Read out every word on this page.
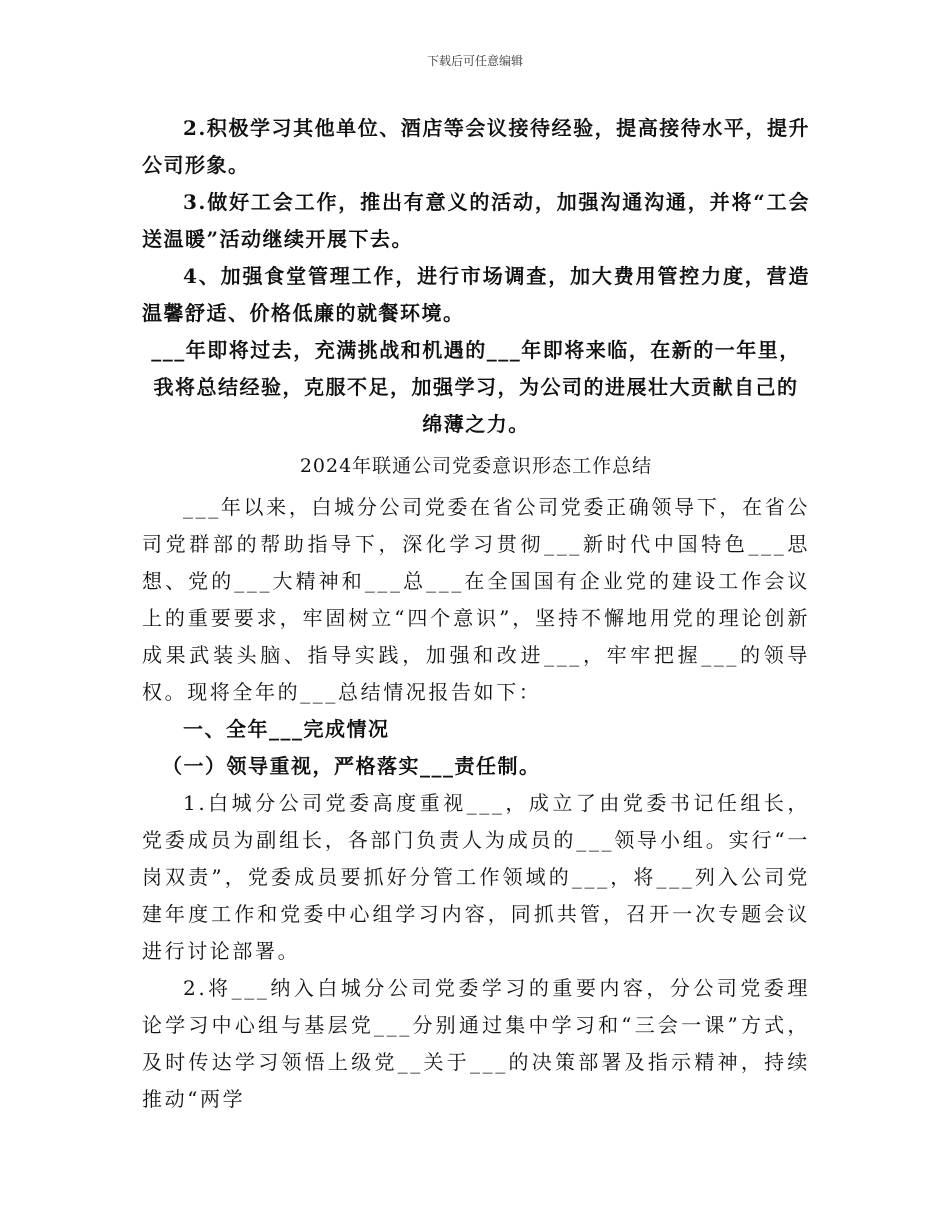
下载后可任意编辑

2.积极学习其他单位、酒店等会议接待经验，提高接待水平，提升公司形象。

3.做好工会工作，推出有意义的活动，加强沟通沟通，并将“工会送温暖”活动继续开展下去。

4、加强食堂管理工作，进行市场调查，加大费用管控力度，营造温馨舒适、价格低廉的就餐环境。

___年即将过去，充满挑战和机遇的___年即将来临，在新的一年里，我将总结经验，克服不足，加强学习，为公司的进展壮大贡献自己的绵薄之力。

2024年联通公司党委意识形态工作总结

___年以来，白城分公司党委在省公司党委正确领导下，在省公司党群部的帮助指导下，深化学习贯彻___新时代中国特色___思想、党的___大精神和___总___在全国国有企业党的建设工作会议上的重要要求，牢固树立“四个意识”，坚持不懈地用党的理论创新成果武装头脑、指导实践，加强和改进___，牢牢把握___的领导权。现将全年的___总结情况报告如下：

一、全年___完成情况

（一）领导重视，严格落实___责任制。

1.白城分公司党委高度重视___，成立了由党委书记任组长，党委成员为副组长，各部门负责人为成员的___领导小组。实行“一岗双责”，党委成员要抓好分管工作领域的___，将___列入公司党建年度工作和党委中心组学习内容，同抓共管，召开一次专题会议进行讨论部署。

2.将___纳入白城分公司党委学习的重要内容，分公司党委理论学习中心组与基层党___分别通过集中学习和“三会一课”方式，及时传达学习领悟上级党__关于___的决策部署及指示精神，持续推动“两学
